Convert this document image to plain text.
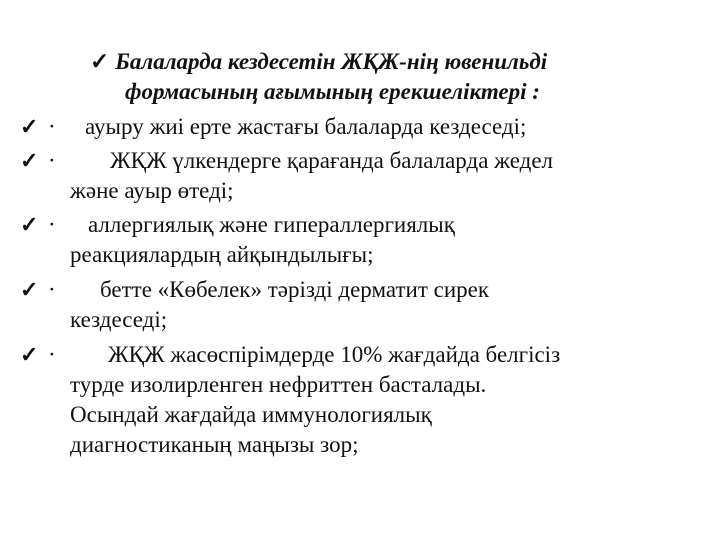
✓ Балаларда кездесетін ЖҚЖ-нің ювенильді
формасының ағымының ерекшеліктері :
✓ · ауыру жиі ерте жастағы балаларда кездеседі;
✓ · ЖҚЖ үлкендерге қарағанда балаларда жедел
және ауыр өтеді;
✓ · аллергиялық және гипераллергиялық
реакциялардың айқындылығы;
✓ · бетте «Көбелек» тәрізді дерматит сирек
кездеседі;
✓ · ЖҚЖ жасөспірімдерде 10% жағдайда белгісіз
турде изолирленген нефриттен басталады.
Осындай жағдайда иммунологиялық
диагностиканың маңызы зор;
